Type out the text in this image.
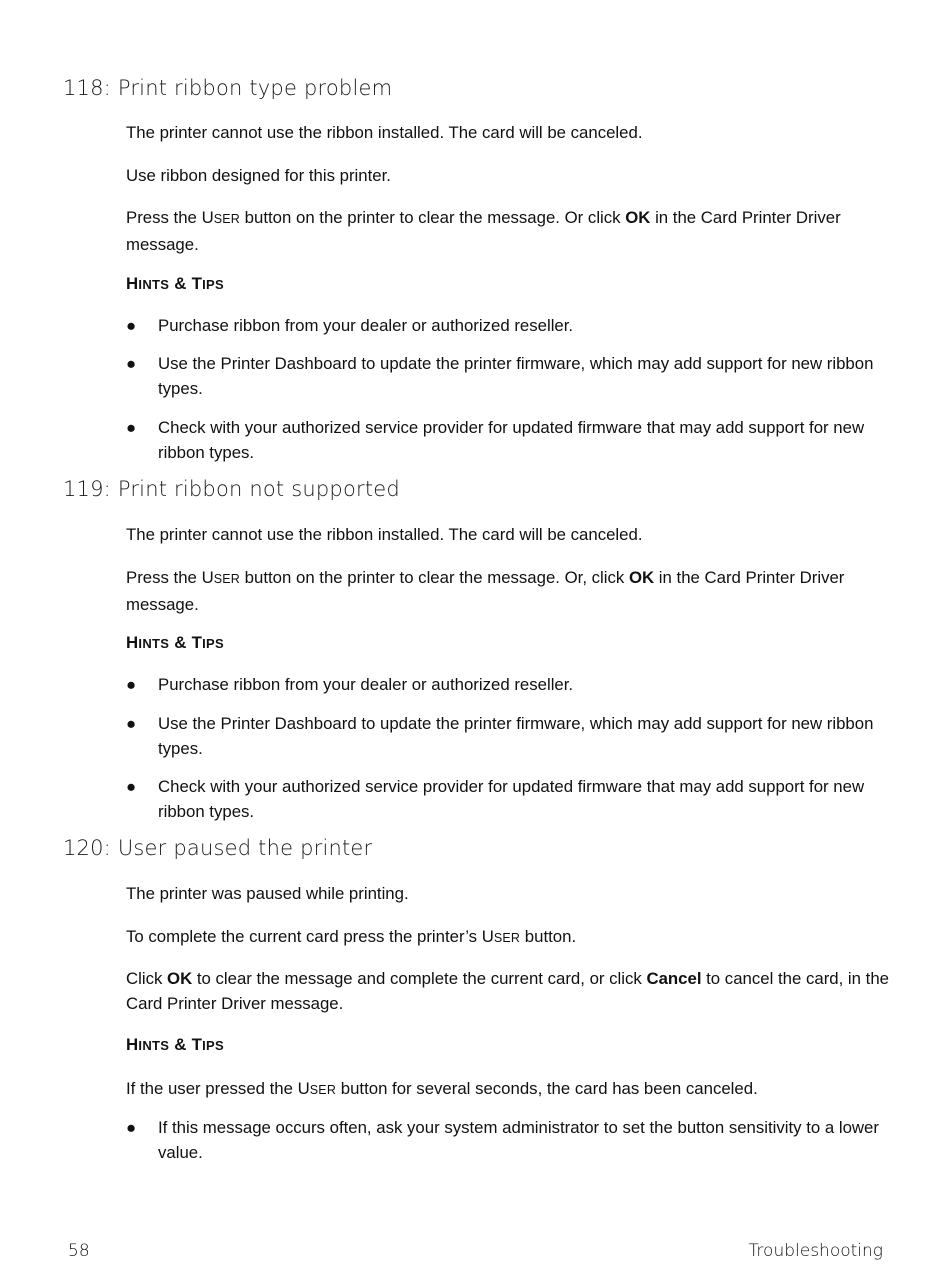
118: Print ribbon type problem

The printer cannot use the ribbon installed. The card will be canceled.

Use ribbon designed for this printer.

Press the USER button on the printer to clear the message. Or click OK in the Card Printer Driver message.

HINTS & TIPS
●	Purchase ribbon from your dealer or authorized reseller.
●	Use the Printer Dashboard to update the printer firmware, which may add support for new ribbon types.
●	Check with your authorized service provider for updated firmware that may add support for new ribbon types.
119: Print ribbon not supported

The printer cannot use the ribbon installed. The card will be canceled.

Press the USER button on the printer to clear the message. Or, click OK in the Card Printer Driver message.

HINTS & TIPS
●	Purchase ribbon from your dealer or authorized reseller.
●	Use the Printer Dashboard to update the printer firmware, which may add support for new ribbon types.
●	Check with your authorized service provider for updated firmware that may add support for new ribbon types.
120: User paused the printer

The printer was paused while printing.

To complete the current card press the printer’s USER button.

Click OK to clear the message and complete the current card, or click Cancel to cancel the card, in the Card Printer Driver message.

HINTS & TIPS

If the user pressed the USER button for several seconds, the card has been canceled.

●	If this message occurs often, ask your system administrator to set the button sensitivity to a lower value.
58	Troubleshooting
